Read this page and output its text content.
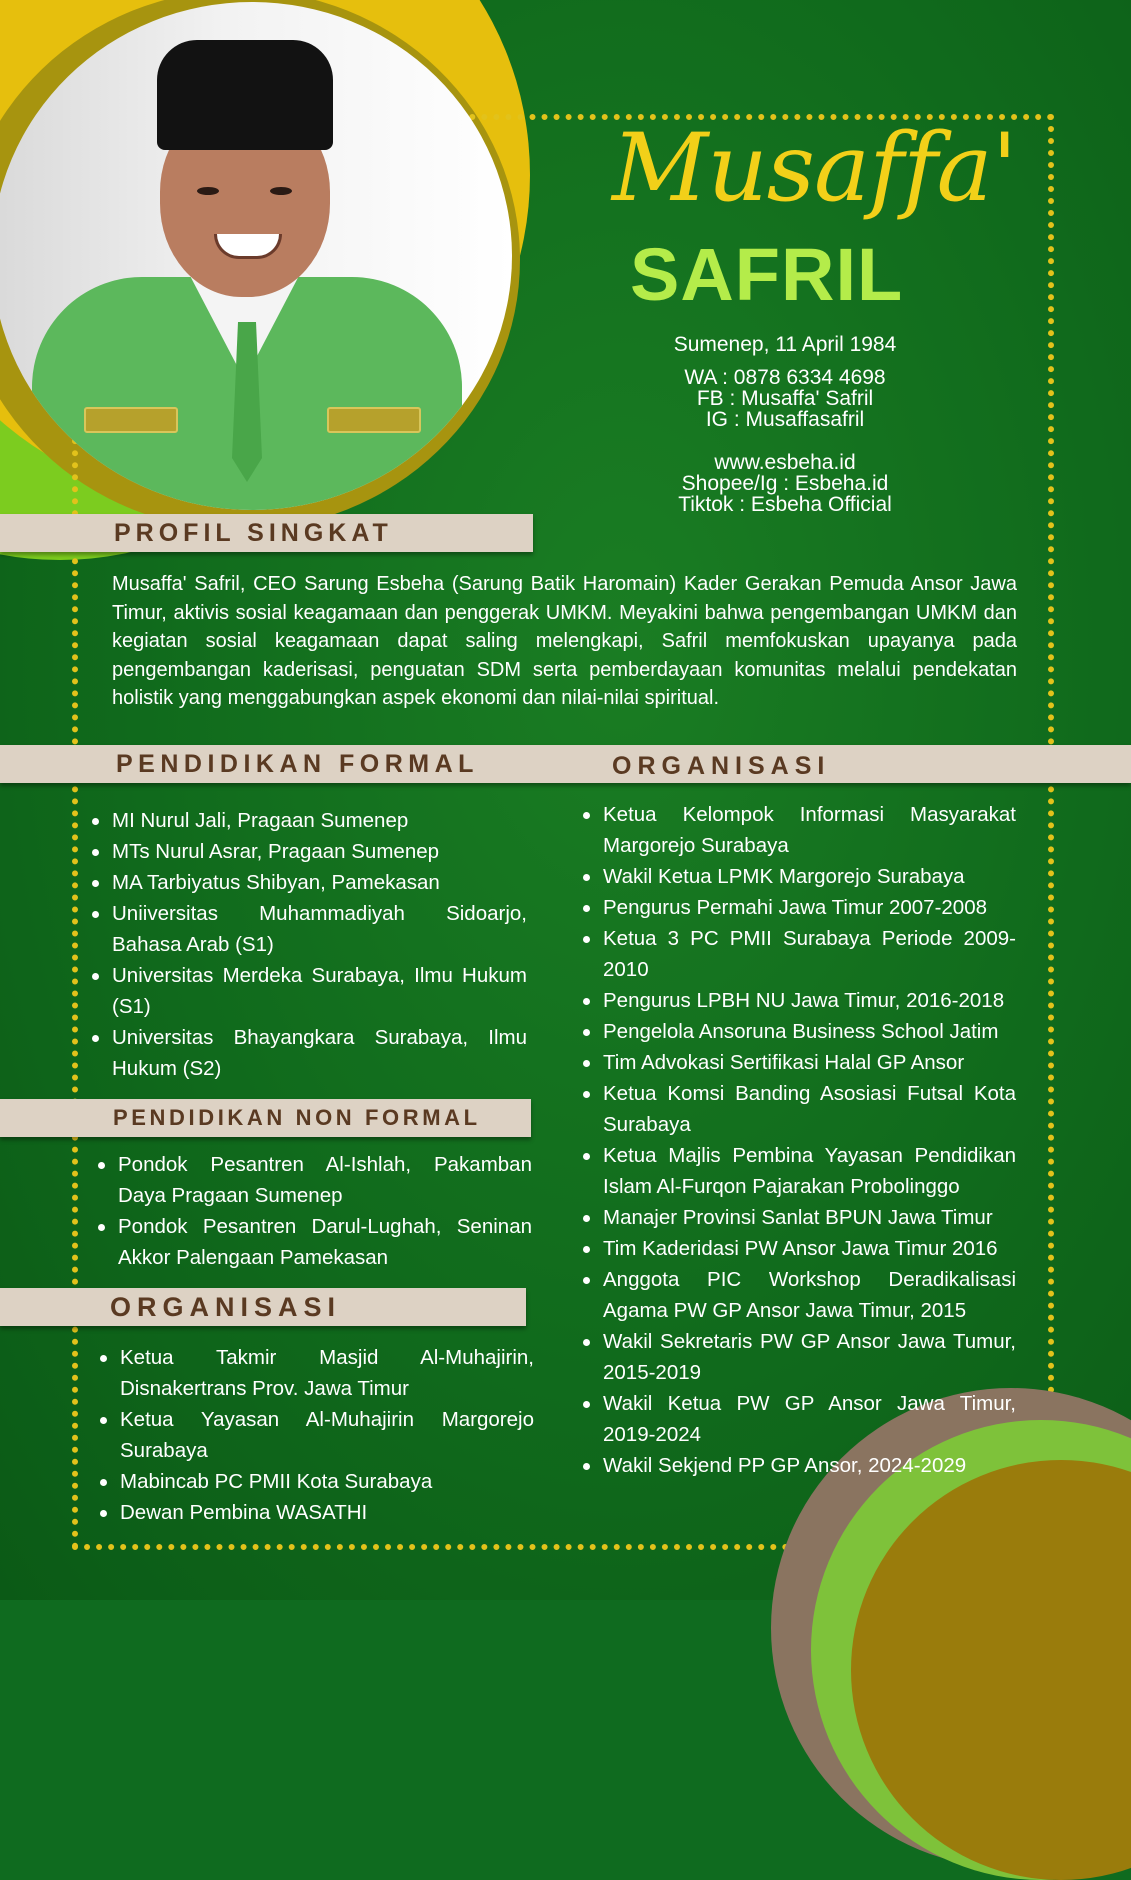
Musaffa'
SAFRIL
Sumenep, 11 April 1984
WA : 0878 6334 4698
FB : Musaffa' Safril
IG : Musaffasafril
www.esbeha.id
Shopee/Ig : Esbeha.id
Tiktok : Esbeha Official
PROFIL SINGKAT
Musaffa' Safril, CEO Sarung Esbeha (Sarung Batik Haromain) Kader Gerakan Pemuda Ansor Jawa Timur, aktivis sosial keagamaan dan penggerak UMKM. Meyakini bahwa pengembangan UMKM dan kegiatan sosial keagamaan dapat saling melengkapi, Safril memfokuskan upayanya pada pengembangan kaderisasi, penguatan SDM serta pemberdayaan komunitas melalui pendekatan holistik yang menggabungkan aspek ekonomi dan nilai-nilai spiritual.
PENDIDIKAN FORMAL	ORGANISASI
MI Nurul Jali, Pragaan Sumenep
MTs Nurul Asrar, Pragaan Sumenep
MA Tarbiyatus Shibyan, Pamekasan
Uniiversitas Muhammadiyah Sidoarjo, Bahasa Arab (S1)
Universitas Merdeka Surabaya, Ilmu Hukum (S1)
Universitas Bhayangkara Surabaya, Ilmu Hukum (S2)
PENDIDIKAN NON FORMAL
Pondok Pesantren Al-Ishlah, Pakamban Daya Pragaan Sumenep
Pondok Pesantren Darul-Lughah, Seninan Akkor Palengaan Pamekasan
ORGANISASI
Ketua Takmir Masjid Al-Muhajirin, Disnakertrans Prov. Jawa Timur
Ketua Yayasan Al-Muhajirin Margorejo Surabaya
Mabincab PC PMII Kota Surabaya
Dewan Pembina WASATHI
Ketua Kelompok Informasi Masyarakat Margorejo Surabaya
Wakil Ketua LPMK Margorejo Surabaya
Pengurus Permahi Jawa Timur 2007-2008
Ketua 3 PC PMII Surabaya Periode 2009-2010
Pengurus LPBH NU Jawa Timur, 2016-2018
Pengelola Ansoruna Business School Jatim
Tim Advokasi Sertifikasi Halal GP Ansor
Ketua Komsi Banding Asosiasi Futsal Kota Surabaya
Ketua Majlis Pembina Yayasan Pendidikan Islam Al-Furqon Pajarakan Probolinggo
Manajer Provinsi Sanlat BPUN Jawa Timur
Tim Kaderidasi PW Ansor Jawa Timur 2016
Anggota PIC Workshop Deradikalisasi Agama PW GP Ansor Jawa Timur, 2015
Wakil Sekretaris PW GP Ansor Jawa Tumur, 2015-2019
Wakil Ketua PW GP Ansor Jawa Timur, 2019-2024
Wakil Sekjend PP GP Ansor, 2024-2029
